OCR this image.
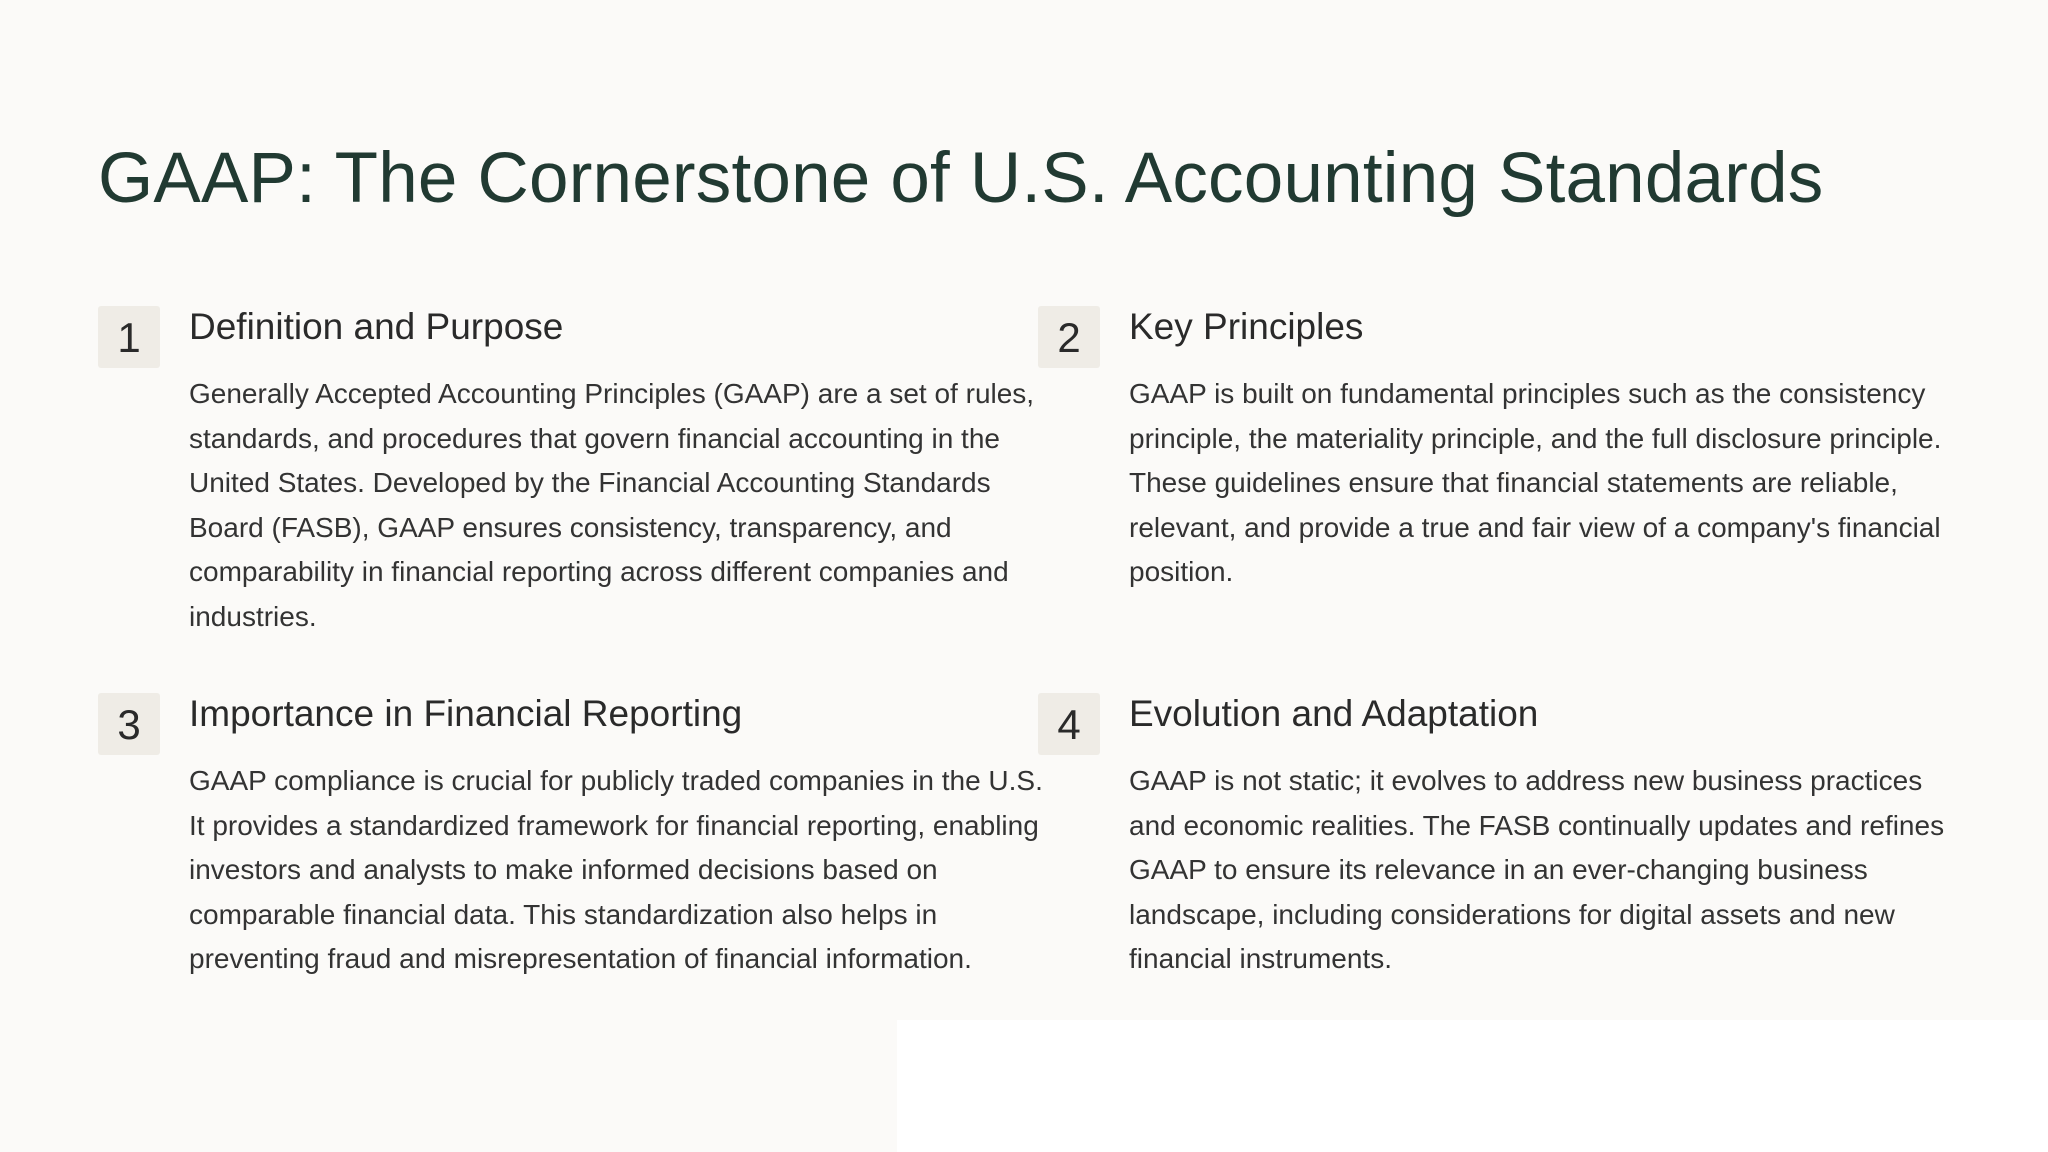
GAAP: The Cornerstone of U.S. Accounting Standards
1	Definition and Purpose

Generally Accepted Accounting Principles (GAAP) are a set of rules, standards, and procedures that govern financial accounting in the United States. Developed by the Financial Accounting Standards Board (FASB), GAAP ensures consistency, transparency, and comparability in financial reporting across different companies and industries.

2	Key Principles

GAAP is built on fundamental principles such as the consistency principle, the materiality principle, and the full disclosure principle. These guidelines ensure that financial statements are reliable, relevant, and provide a true and fair view of a company's financial position.

3	Importance in Financial Reporting

GAAP compliance is crucial for publicly traded companies in the U.S. It provides a standardized framework for financial reporting, enabling investors and analysts to make informed decisions based on comparable financial data. This standardization also helps in preventing fraud and misrepresentation of financial information.

4	Evolution and Adaptation

GAAP is not static; it evolves to address new business practices and economic realities. The FASB continually updates and refines GAAP to ensure its relevance in an ever-changing business landscape, including considerations for digital assets and new financial instruments.
